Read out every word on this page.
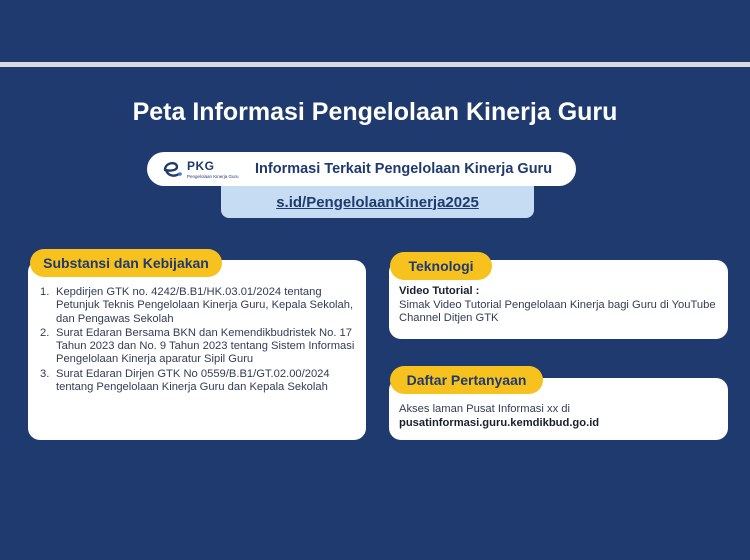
Peta Informasi Pengelolaan Kinerja Guru
PKG
Pengelolaan Kinerja Guru Informasi Terkait Pengelolaan Kinerja Guru
s.id/PengelolaanKinerja2025
1. Kepdirjen GTK no. 4242/B.B1/HK.03.01/2024 tentang Petunjuk Teknis Pengelolaan Kinerja Guru, Kepala Sekolah, dan Pengawas Sekolah
2. Surat Edaran Bersama BKN dan Kemendikbudristek No. 17 Tahun 2023 dan No. 9 Tahun 2023 tentang Sistem Informasi Pengelolaan Kinerja aparatur Sipil Guru
3. Surat Edaran Dirjen GTK No 0559/B.B1/GT.02.00/2024 tentang Pengelolaan Kinerja Guru dan Kepala Sekolah
Substansi dan Kebijakan
Video Tutorial :
Simak Video Tutorial Pengelolaan Kinerja bagi Guru di YouTube Channel Ditjen GTK
Teknologi
Akses laman Pusat Informasi xx di
pusatinformasi.guru.kemdikbud.go.id
Daftar Pertanyaan
